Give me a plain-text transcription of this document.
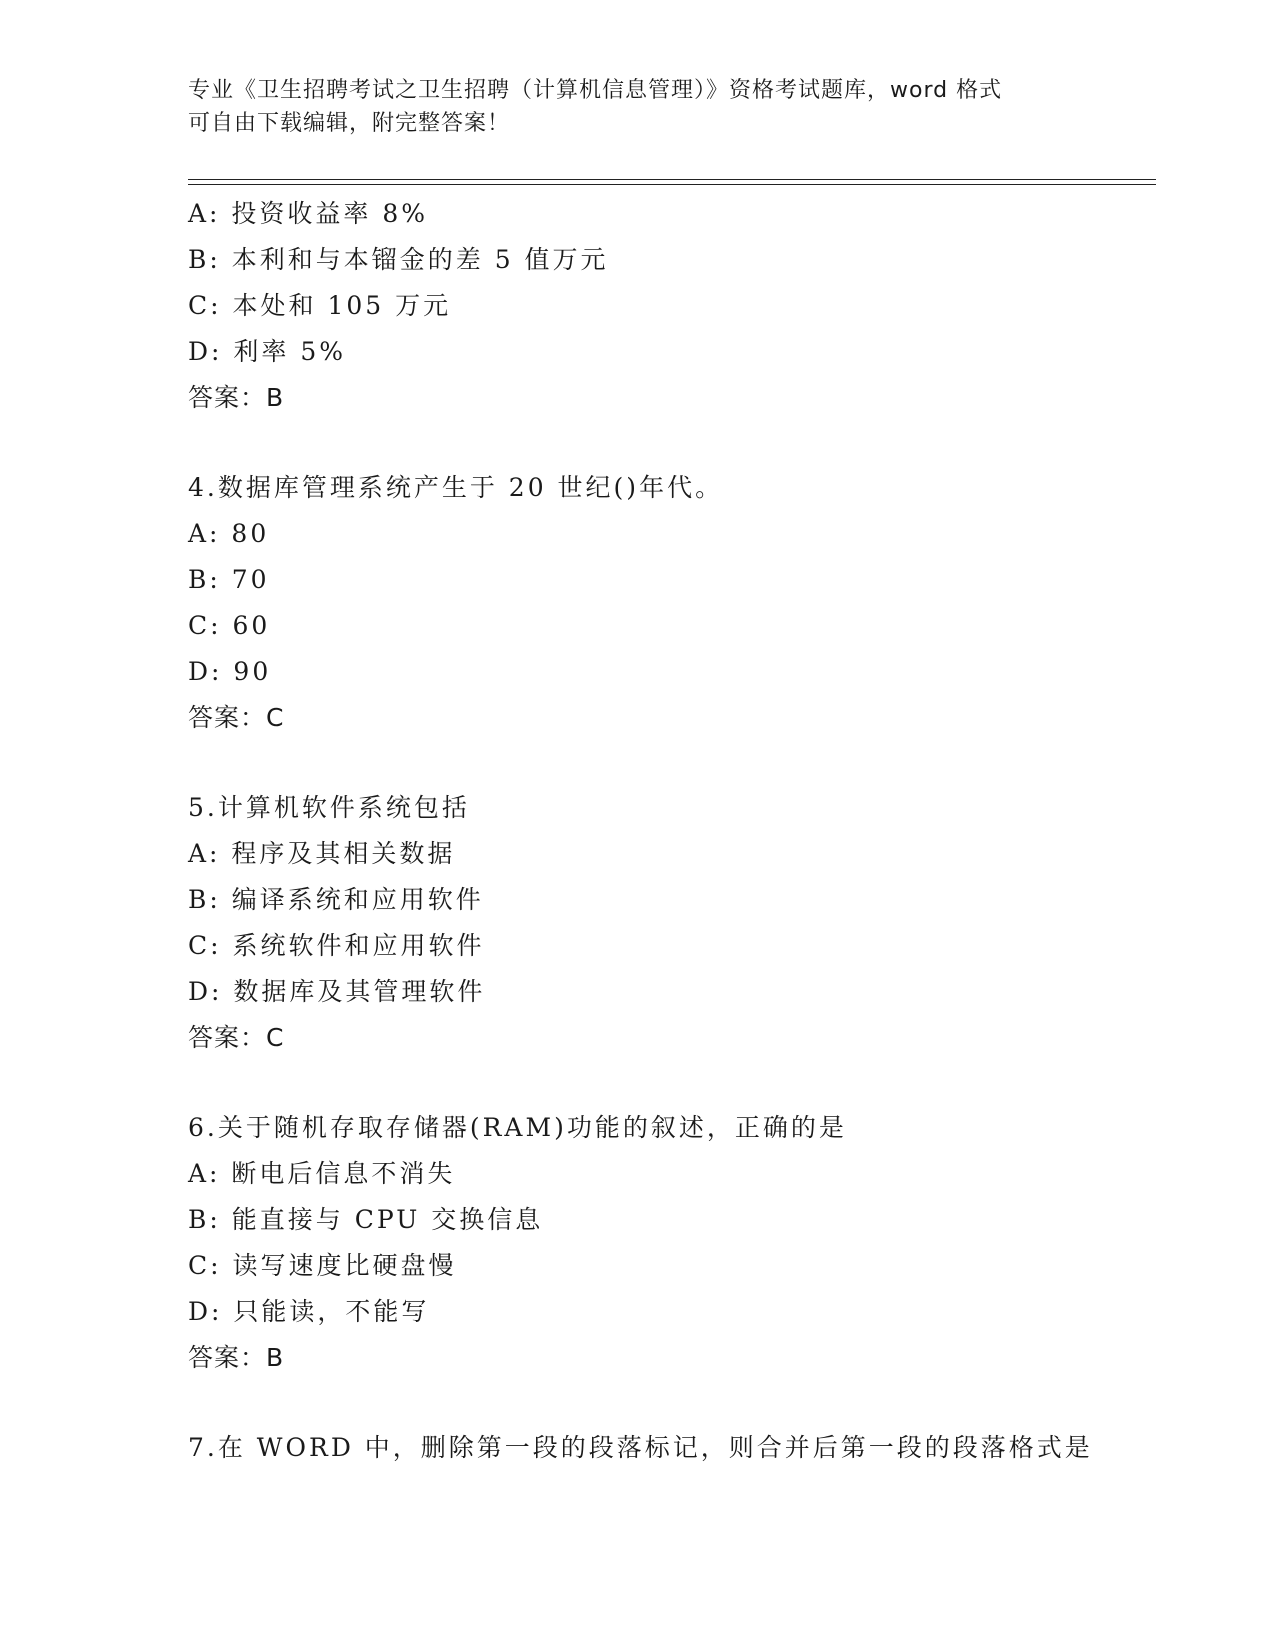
专业《卫生招聘考试之卫生招聘（计算机信息管理）》资格考试题库，word 格式
可自由下载编辑，附完整答案！
A: 投资收益率 8%
B: 本利和与本镏金的差 5 值万元
C: 本处和 105 万元
D: 利率 5%
答案：B
4.数据库管理系统产生于 20 世纪()年代。
A: 80
B: 70
C: 60
D: 90
答案：C
5.计算机软件系统包括
A: 程序及其相关数据
B: 编译系统和应用软件
C: 系统软件和应用软件
D: 数据库及其管理软件
答案：C
6.关于随机存取存储器(RAM)功能的叙述，正确的是
A: 断电后信息不消失
B: 能直接与 CPU 交换信息
C: 读写速度比硬盘慢
D: 只能读，不能写
答案：B
7.在 WORD 中，删除第一段的段落标记，则合并后第一段的段落格式是
